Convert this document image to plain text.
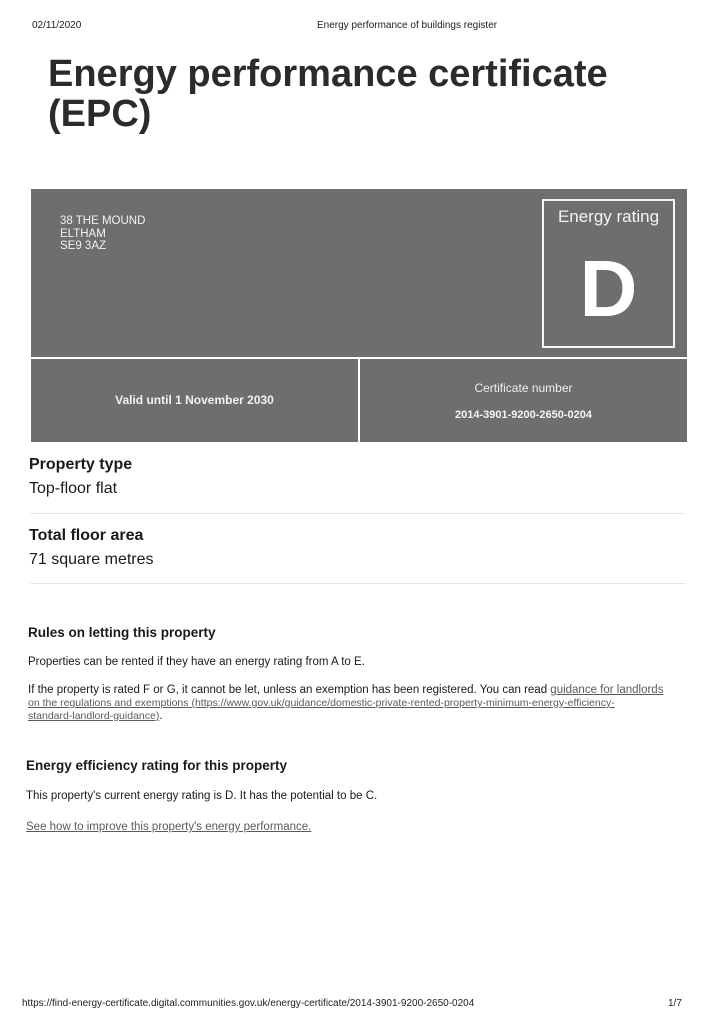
02/11/2020	Energy performance of buildings register
Energy performance certificate
(EPC)
38 THE MOUND
ELTHAM
SE9 3AZ
Energy rating
D
Valid until 1 November 2030
Certificate number
2014-3901-9200-2650-0204
Property type
Top-floor flat
Total floor area
71 square metres
Rules on letting this property
Properties can be rented if they have an energy rating from A to E.
If the property is rated F or G, it cannot be let, unless an exemption has been registered. You can read guidance for landlords
on the regulations and exemptions (https://www.gov.uk/guidance/domestic-private-rented-property-minimum-energy-efficiency-
standard-landlord-guidance).
Energy efficiency rating for this property
This property's current energy rating is D. It has the potential to be C.
See how to improve this property's energy performance.
https://find-energy-certificate.digital.communities.gov.uk/energy-certificate/2014-3901-9200-2650-0204	1/7
